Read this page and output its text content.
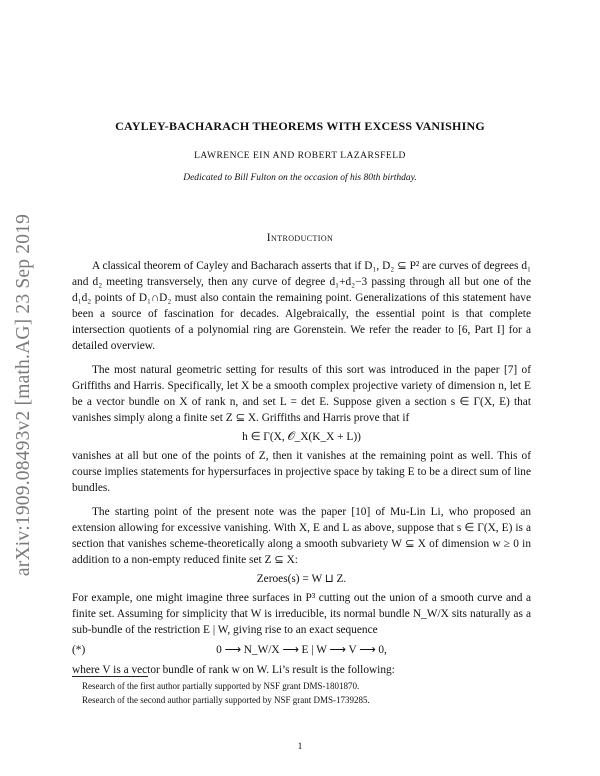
arXiv:1909.08493v2 [math.AG] 23 Sep 2019
CAYLEY-BACHARACH THEOREMS WITH EXCESS VANISHING
LAWRENCE EIN AND ROBERT LAZARSFELD
Dedicated to Bill Fulton on the occasion of his 80th birthday.
Introduction

A classical theorem of Cayley and Bacharach asserts that if D₁, D₂ ⊆ P² are curves of degrees d₁ and d₂ meeting transversely, then any curve of degree d₁+d₂−3 passing through all but one of the d₁d₂ points of D₁∩D₂ must also contain the remaining point. Generalizations of this statement have been a source of fascination for decades. Algebraically, the essential point is that complete intersection quotients of a polynomial ring are Gorenstein. We refer the reader to [6, Part I] for a detailed overview.

The most natural geometric setting for results of this sort was introduced in the paper [7] of Griffiths and Harris. Specifically, let X be a smooth complex projective variety of dimension n, let E be a vector bundle on X of rank n, and set L = det E. Suppose given a section s ∈ Γ(X, E) that vanishes simply along a finite set Z ⊆ X. Griffiths and Harris prove that if

h ∈ Γ(X, 𝒪_X(K_X + L))

vanishes at all but one of the points of Z, then it vanishes at the remaining point as well. This of course implies statements for hypersurfaces in projective space by taking E to be a direct sum of line bundles.

The starting point of the present note was the paper [10] of Mu-Lin Li, who proposed an extension allowing for excessive vanishing. With X, E and L as above, suppose that s ∈ Γ(X, E) is a section that vanishes scheme-theoretically along a smooth subvariety W ⊆ X of dimension w ≥ 0 in addition to a non-empty reduced finite set Z ⊆ X:

Zeroes(s) = W ⊔ Z.

For example, one might imagine three surfaces in P³ cutting out the union of a smooth curve and a finite set. Assuming for simplicity that W is irreducible, its normal bundle N_W/X sits naturally as a sub-bundle of the restriction E | W, giving rise to an exact sequence

(*)	0 ⟶ N_W/X ⟶ E | W ⟶ V ⟶ 0,

where V is a vector bundle of rank w on W. Li’s result is the following:

Research of the first author partially supported by NSF grant DMS-1801870.
Research of the second author partially supported by NSF grant DMS-1739285.
1
